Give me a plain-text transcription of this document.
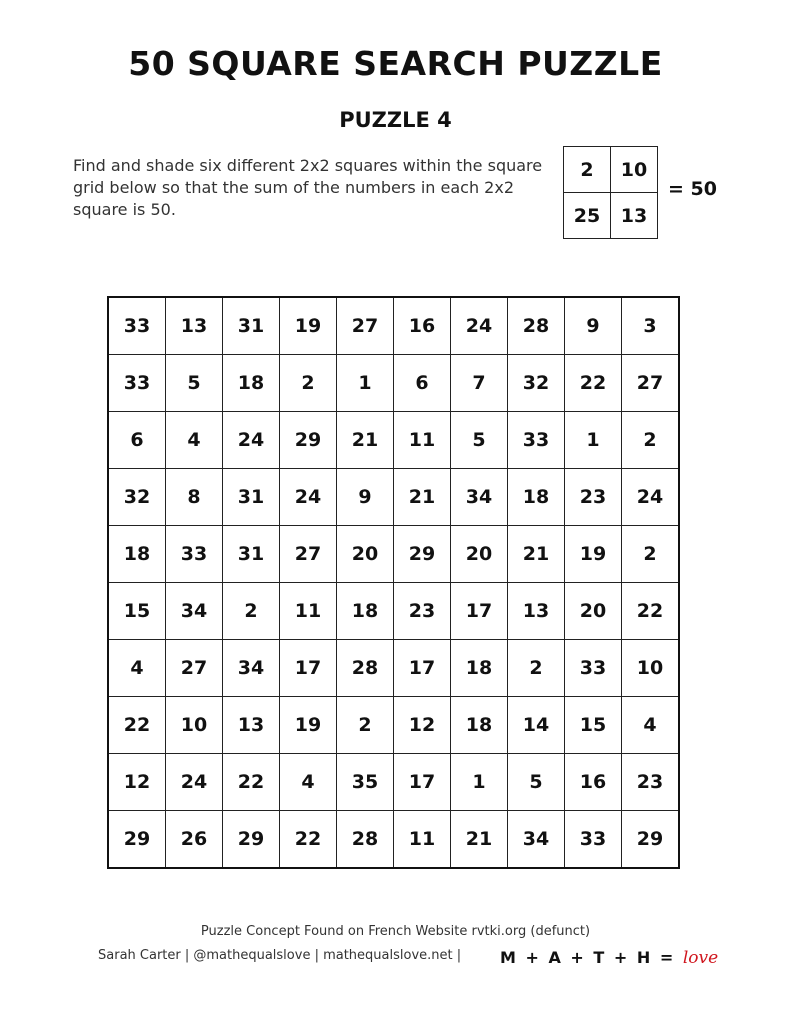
50 SQUARE SEARCH PUZZLE
PUZZLE 4
Find and shade six different 2x2 squares within the square grid below so that the sum of the numbers in each 2x2 square is 50.
2	10
25	13
= 50
33	13	31	19	27	16	24	28	9	3
33	5	18	2	1	6	7	32	22	27
6	4	24	29	21	11	5	33	1	2
32	8	31	24	9	21	34	18	23	24
18	33	31	27	20	29	20	21	19	2
15	34	2	11	18	23	17	13	20	22
4	27	34	17	28	17	18	2	33	10
22	10	13	19	2	12	18	14	15	4
12	24	22	4	35	17	1	5	16	23
29	26	29	22	28	11	21	34	33	29
Puzzle Concept Found on French Website rvtki.org (defunct)
Sarah Carter | @mathequalslove | mathequalslove.net | M + A + T + H = love
